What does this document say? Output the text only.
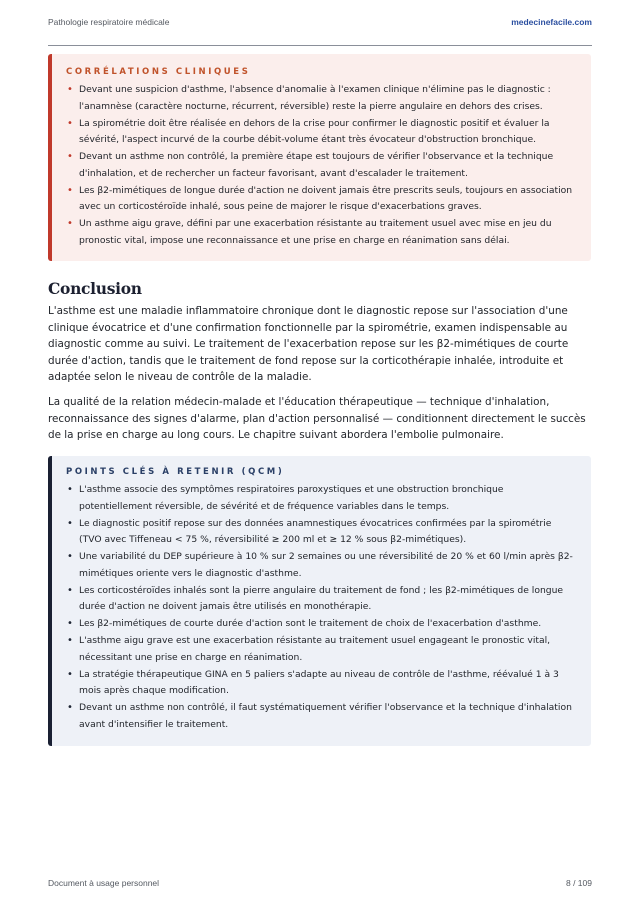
Pathologie respiratoire médicale	medecinefacile.com
CORRÉLATIONS CLINIQUES
• Devant une suspicion d'asthme, l'absence d'anomalie à l'examen clinique n'élimine pas le diagnostic : l'anamnèse (caractère nocturne, récurrent, réversible) reste la pierre angulaire en dehors des crises.
• La spirométrie doit être réalisée en dehors de la crise pour confirmer le diagnostic positif et évaluer la sévérité, l'aspect incurvé de la courbe débit-volume étant très évocateur d'obstruction bronchique.
• Devant un asthme non contrôlé, la première étape est toujours de vérifier l'observance et la technique d'inhalation, et de rechercher un facteur favorisant, avant d'escalader le traitement.
• Les β2-mimétiques de longue durée d'action ne doivent jamais être prescrits seuls, toujours en association avec un corticostéroïde inhalé, sous peine de majorer le risque d'exacerbations graves.
• Un asthme aigu grave, défini par une exacerbation résistante au traitement usuel avec mise en jeu du pronostic vital, impose une reconnaissance et une prise en charge en réanimation sans délai.
Conclusion

L'asthme est une maladie inflammatoire chronique dont le diagnostic repose sur l'association d'une clinique évocatrice et d'une confirmation fonctionnelle par la spirométrie, examen indispensable au diagnostic comme au suivi. Le traitement de l'exacerbation repose sur les β2-mimétiques de courte durée d'action, tandis que le traitement de fond repose sur la corticothérapie inhalée, introduite et adaptée selon le niveau de contrôle de la maladie.

La qualité de la relation médecin-malade et l'éducation thérapeutique — technique d'inhalation, reconnaissance des signes d'alarme, plan d'action personnalisé — conditionnent directement le succès de la prise en charge au long cours. Le chapitre suivant abordera l'embolie pulmonaire.

POINTS CLÉS À RETENIR (QCM)
• L'asthme associe des symptômes respiratoires paroxystiques et une obstruction bronchique potentiellement réversible, de sévérité et de fréquence variables dans le temps.
• Le diagnostic positif repose sur des données anamnestiques évocatrices confirmées par la spirométrie (TVO avec Tiffeneau < 75 %, réversibilité ≥ 200 ml et ≥ 12 % sous β2-mimétiques).
• Une variabilité du DEP supérieure à 10 % sur 2 semaines ou une réversibilité de 20 % et 60 l/min après β2-mimétiques oriente vers le diagnostic d'asthme.
• Les corticostéroïdes inhalés sont la pierre angulaire du traitement de fond ; les β2-mimétiques de longue durée d'action ne doivent jamais être utilisés en monothérapie.
• Les β2-mimétiques de courte durée d'action sont le traitement de choix de l'exacerbation d'asthme.
• L'asthme aigu grave est une exacerbation résistante au traitement usuel engageant le pronostic vital, nécessitant une prise en charge en réanimation.
• La stratégie thérapeutique GINA en 5 paliers s'adapte au niveau de contrôle de l'asthme, réévalué 1 à 3 mois après chaque modification.
• Devant un asthme non contrôlé, il faut systématiquement vérifier l'observance et la technique d'inhalation avant d'intensifier le traitement.
Document à usage personnel	8 / 109
